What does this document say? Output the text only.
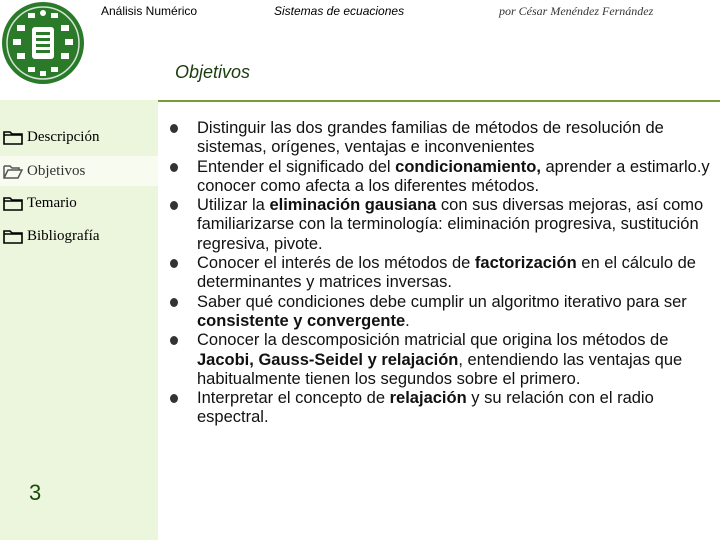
Análisis Numérico	Sistemas de ecuaciones	por César Menéndez Fernández
Objetivos
Descripción
Objetivos
Temario
Bibliografía
3
Distinguir las dos grandes familias de métodos de resolución de sistemas, orígenes, ventajas e inconvenientes
Entender el significado del condicionamiento, aprender a estimarlo.y conocer como afecta a los diferentes métodos.
Utilizar la eliminación gausiana con sus diversas mejoras, así como familiarizarse con la terminología: eliminación progresiva, sustitución regresiva, pivote.
Conocer el interés de los métodos de factorización en el cálculo de determinantes y matrices inversas.
Saber qué condiciones debe cumplir un algoritmo iterativo para ser consistente y convergente.
Conocer la descomposición matricial que origina los métodos de Jacobi, Gauss-Seidel y relajación, entendiendo las ventajas que habitualmente tienen los segundos sobre el primero.
Interpretar el concepto de relajación y su relación con el radio espectral.
